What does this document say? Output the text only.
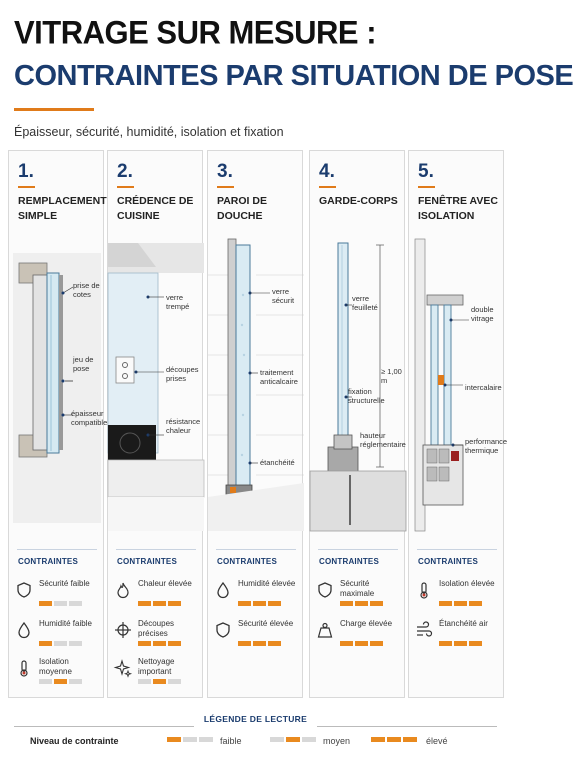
VITRAGE SUR MESURE :
CONTRAINTES PAR SITUATION DE POSE
Épaisseur, sécurité, humidité, isolation et fixation
1.
REMPLACEMENT SIMPLE
prise de cotes
jeu de pose
épaisseur compatible
CONTRAINTES
Sécurité faible
Humidité faible
Isolation moyenne
2.
CRÉDENCE DE CUISINE
verre trempé
découpes prises
résistance chaleur
CONTRAINTES
Chaleur élevée
Découpes précises
Nettoyage important
3.
PAROI DE DOUCHE
verre sécurit
traitement anticalcaire
étanchéité
CONTRAINTES
Humidité élevée
Sécurité élevée
4.
GARDE-CORPS
verre feuilleté
≥ 1,00 m
fixation structurelle
hauteur réglementaire
CONTRAINTES
Sécurité maximale
Charge élevée
5.
FENÊTRE AVEC ISOLATION
double vitrage
intercalaire
performance thermique
CONTRAINTES
Isolation élevée
Étanchéité air
LÉGENDE DE LECTURE
Niveau de contrainte	faible	moyen	élevé
